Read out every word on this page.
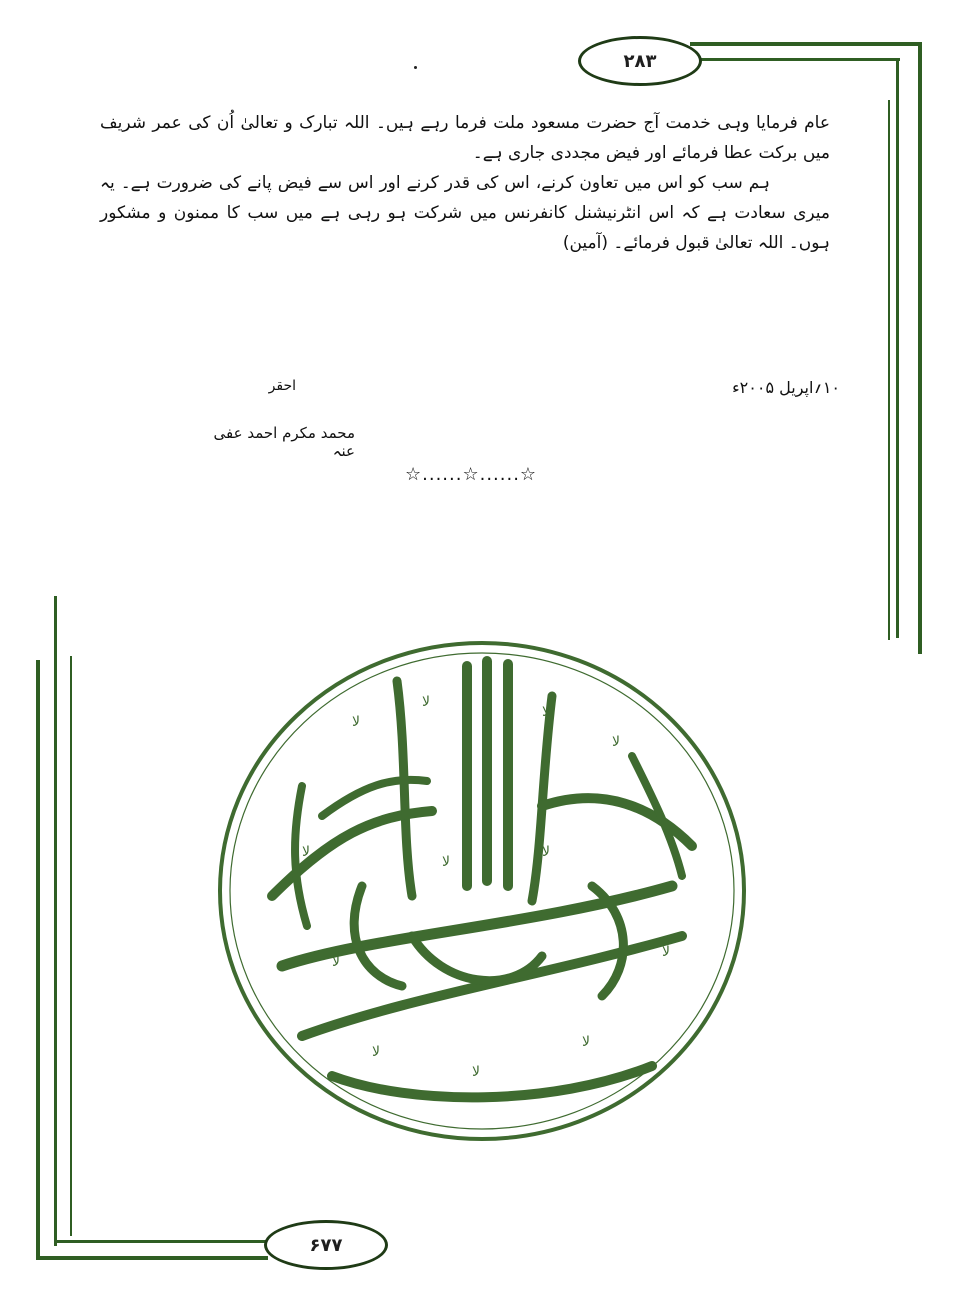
۲۸۳

عام فرمایا وہی خدمت آج حضرت مسعود ملت فرما رہے ہیں۔ اللہ تبارک و تعالیٰ اُن کی عمر شریف میں برکت عطا فرمائے اور فیض مجددی جاری ہے۔

ہم سب کو اس میں تعاون کرنے، اس کی قدر کرنے اور اس سے فیض پانے کی ضرورت ہے۔ یہ میری سعادت ہے کہ اس انٹرنیشنل کانفرنس میں شرکت ہو رہی ہے میں سب کا ممنون و مشکور ہوں۔ اللہ تعالیٰ قبول فرمائے۔ (آمین)

۱۰؍اپریل ۲۰۰۵ء
احقر
محمد مکرم احمد عفی عنہ
☆......☆......☆
۶۷۷
ﻻ
ﻻ
ﻻ
ﻻ
ﻻ
ﻻ
ﻻ
ﻻ
ﻻ
ﻻ
ﻻ
ﻻ
